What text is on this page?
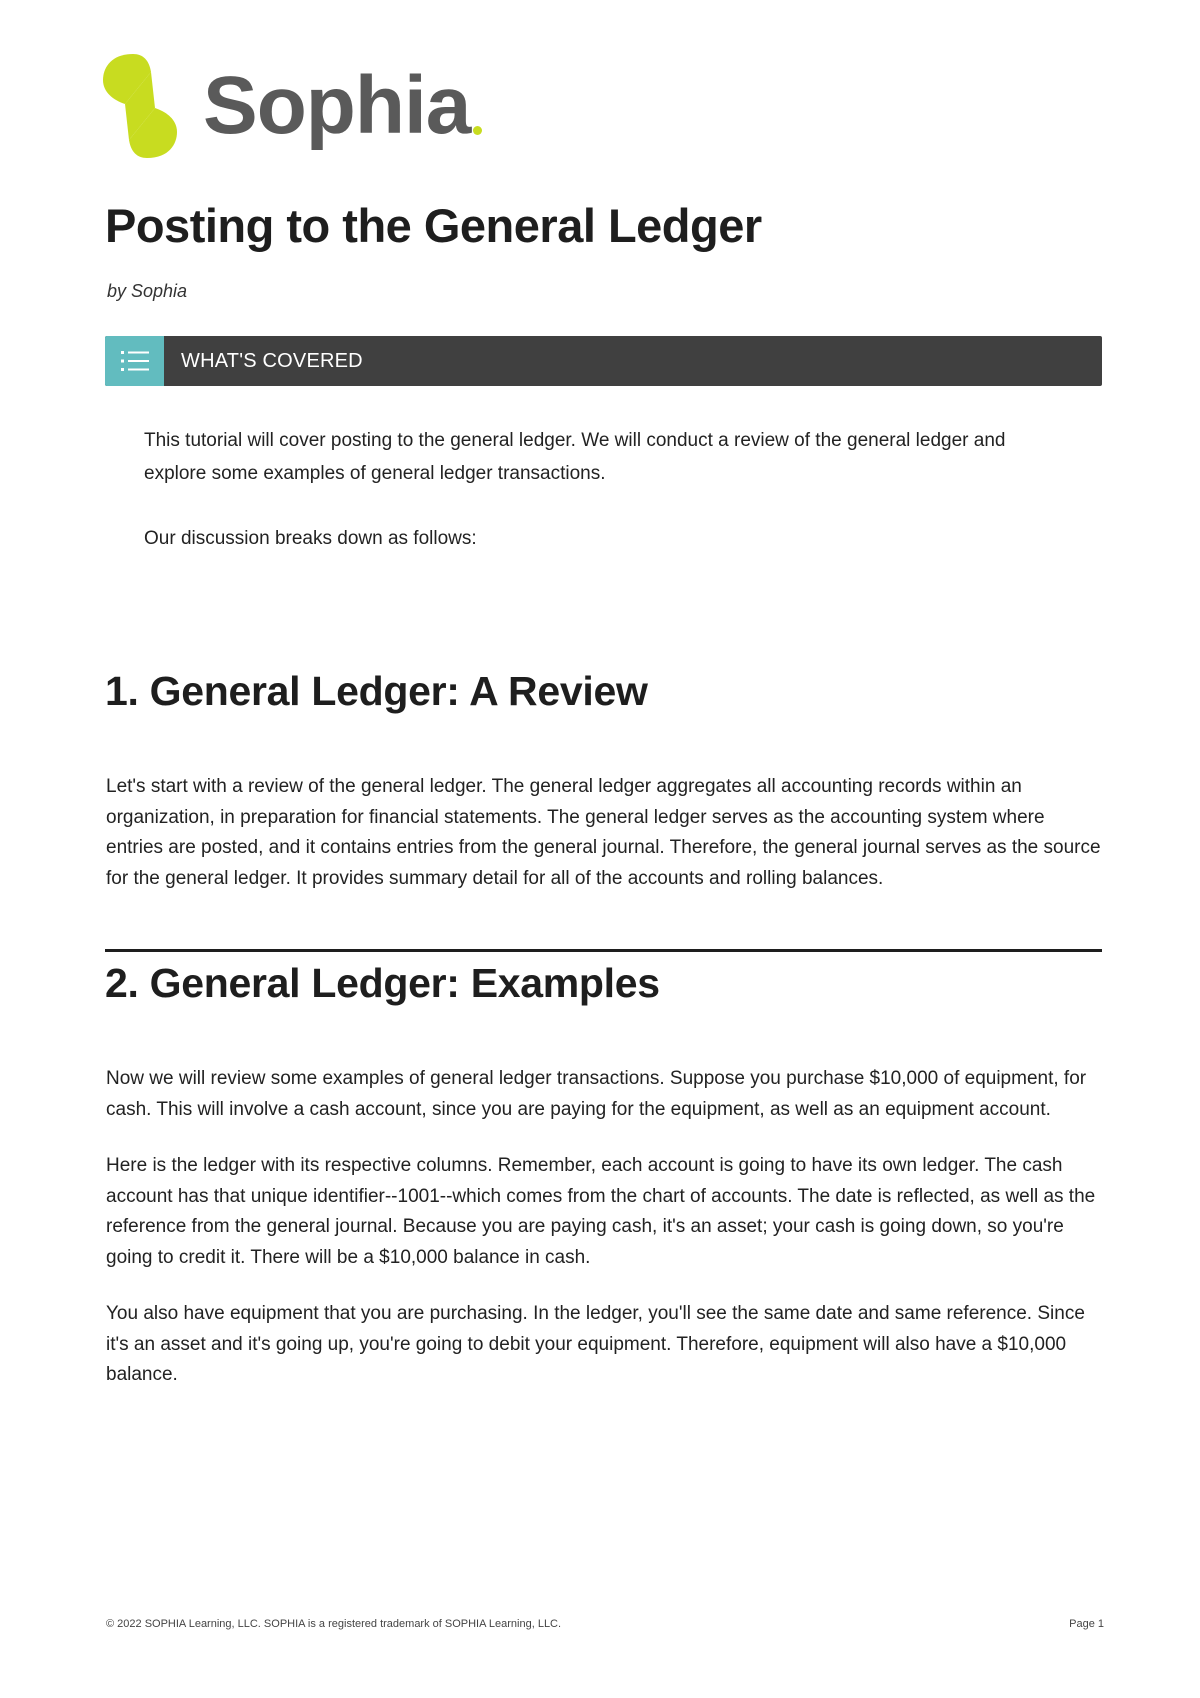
Sophia
Posting to the General Ledger

by Sophia

WHAT'S COVERED

This tutorial will cover posting to the general ledger. We will conduct a review of the general ledger and explore some examples of general ledger transactions.

Our discussion breaks down as follows:

1. General Ledger: A Review

Let's start with a review of the general ledger. The general ledger aggregates all accounting records within an organization, in preparation for financial statements. The general ledger serves as the accounting system where entries are posted, and it contains entries from the general journal. Therefore, the general journal serves as the source for the general ledger. It provides summary detail for all of the accounts and rolling balances.

2. General Ledger: Examples

Now we will review some examples of general ledger transactions. Suppose you purchase $10,000 of equipment, for cash. This will involve a cash account, since you are paying for the equipment, as well as an equipment account.

Here is the ledger with its respective columns. Remember, each account is going to have its own ledger. The cash account has that unique identifier--1001--which comes from the chart of accounts. The date is reflected, as well as the reference from the general journal. Because you are paying cash, it's an asset; your cash is going down, so you're going to credit it. There will be a $10,000 balance in cash.

You also have equipment that you are purchasing. In the ledger, you'll see the same date and same reference. Since it's an asset and it's going up, you're going to debit your equipment. Therefore, equipment will also have a $10,000 balance.

© 2022 SOPHIA Learning, LLC. SOPHIA is a registered trademark of SOPHIA Learning, LLC.	Page 1
